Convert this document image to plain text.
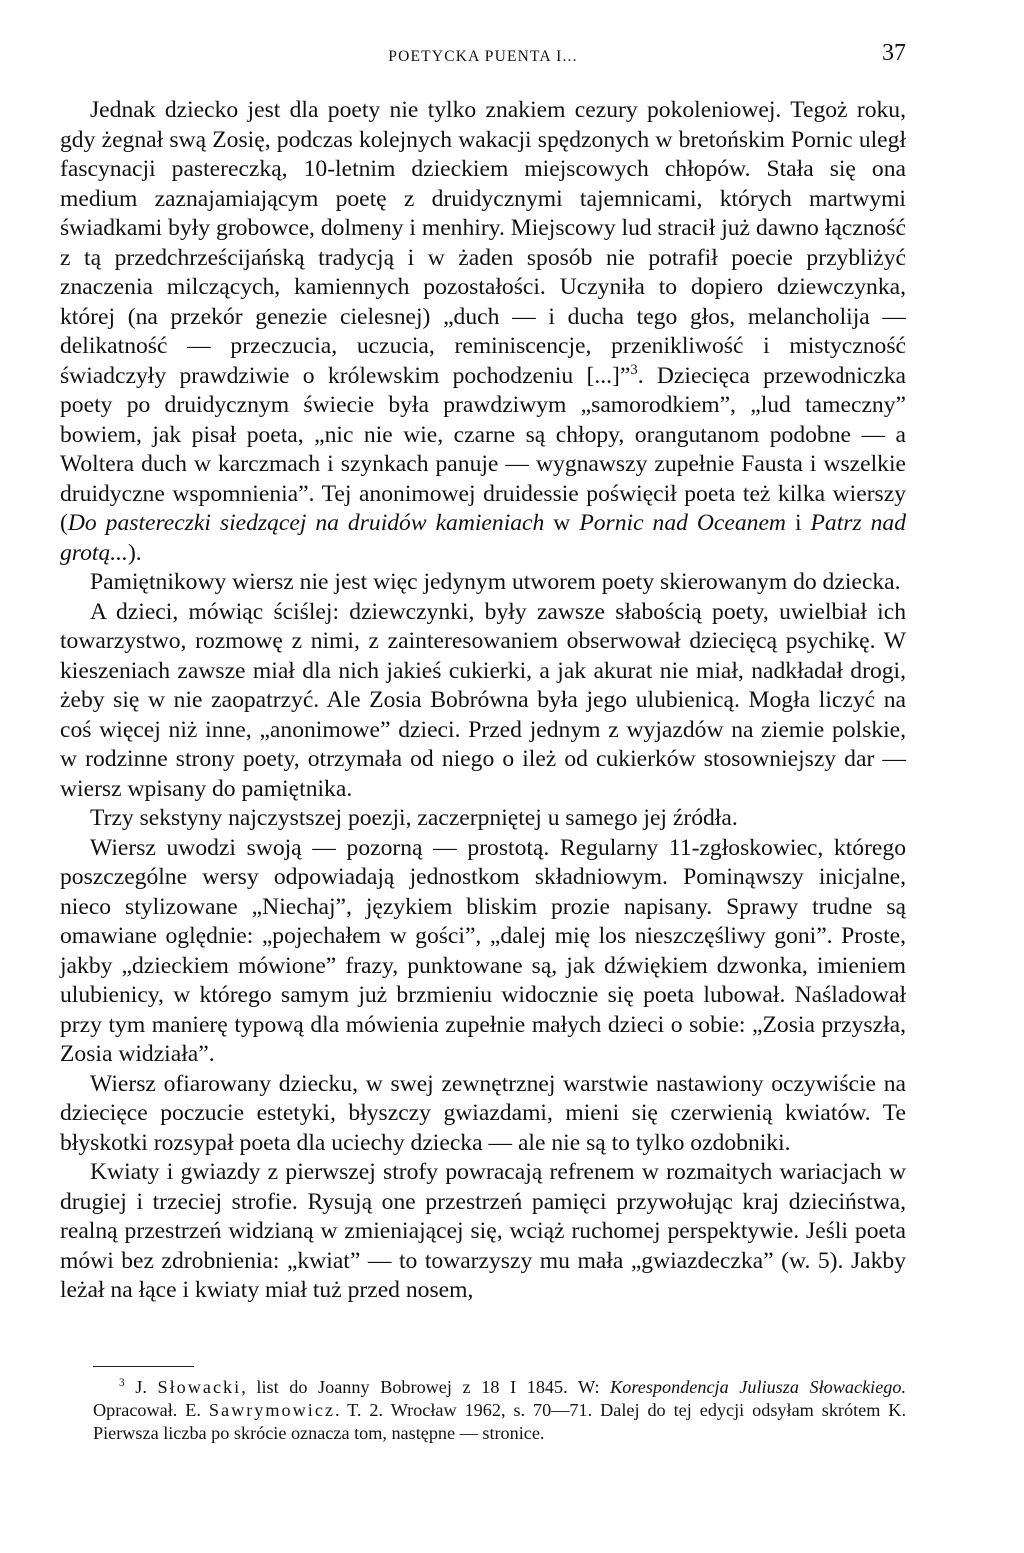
POETYCKA PUENTA I...	37

Jednak dziecko jest dla poety nie tylko znakiem cezury pokoleniowej. Tegoż roku, gdy żegnał swą Zosię, podczas kolejnych wakacji spędzonych w bretońskim Pornic uległ fascynacji pastereczką, 10-letnim dzieckiem miejscowych chłopów. Stała się ona medium zaznajamiającym poetę z druidycznymi tajemnicami, których martwymi świadkami były grobowce, dolmeny i menhiry. Miejscowy lud stracił już dawno łączność z tą przedchrześcijańską tradycją i w żaden sposób nie potrafił poecie przybliżyć znaczenia milczących, kamiennych pozostałości. Uczyniła to dopiero dziewczynka, której (na przekór genezie cielesnej) „duch — i ducha tego głos, melancholija — delikatność — przeczucia, uczucia, reminiscencje, przenikliwość i mistyczność świadczyły prawdziwie o królewskim pochodzeniu [...]”$^3$. Dziecięca przewodniczka poety po druidycznym świecie była prawdziwym „samorodkiem”, „lud tameczny” bowiem, jak pisał poeta, „nic nie wie, czarne są chłopy, orangutanom podobne — a Woltera duch w karczmach i szynkach panuje — wygnawszy zupełnie Fausta i wszelkie druidyczne wspomnienia”. Tej anonimowej druidessie poświęcił poeta też kilka wierszy (Do pastereczki siedzącej na druidów kamieniach w Pornic nad Oceanem i Patrz nad grotą...).

Pamiętnikowy wiersz nie jest więc jedynym utworem poety skierowanym do dziecka.

A dzieci, mówiąc ściślej: dziewczynki, były zawsze słabością poety, uwielbiał ich towarzystwo, rozmowę z nimi, z zainteresowaniem obserwował dziecięcą psychikę. W kieszeniach zawsze miał dla nich jakieś cukierki, a jak akurat nie miał, nadkładał drogi, żeby się w nie zaopatrzyć. Ale Zosia Bobrówna była jego ulubienicą. Mogła liczyć na coś więcej niż inne, „anonimowe” dzieci. Przed jednym z wyjazdów na ziemie polskie, w rodzinne strony poety, otrzymała od niego o ileż od cukierków stosowniejszy dar — wiersz wpisany do pamiętnika.

Trzy sekstyny najczystszej poezji, zaczerpniętej u samego jej źródła.

Wiersz uwodzi swoją — pozorną — prostotą. Regularny 11-zgłoskowiec, którego poszczególne wersy odpowiadają jednostkom składniowym. Pominąwszy inicjalne, nieco stylizowane „Niechaj”, językiem bliskim prozie napisany. Sprawy trudne są omawiane oględnie: „pojechałem w gości”, „dalej mię los nieszczęśliwy goni”. Proste, jakby „dzieckiem mówione” frazy, punktowane są, jak dźwiękiem dzwonka, imieniem ulubienicy, w którego samym już brzmieniu widocznie się poeta lubował. Naśladował przy tym manierę typową dla mówienia zupełnie małych dzieci o sobie: „Zosia przyszła, Zosia widziała”.

Wiersz ofiarowany dziecku, w swej zewnętrznej warstwie nastawiony oczywiście na dziecięce poczucie estetyki, błyszczy gwiazdami, mieni się czerwienią kwiatów. Te błyskotki rozsypał poeta dla uciechy dziecka — ale nie są to tylko ozdobniki.

Kwiaty i gwiazdy z pierwszej strofy powracają refrenem w rozmaitych wariacjach w drugiej i trzeciej strofie. Rysują one przestrzeń pamięci przywołując kraj dzieciństwa, realną przestrzeń widzianą w zmieniającej się, wciąż ruchomej perspektywie. Jeśli poeta mówi bez zdrobnienia: „kwiat” — to towarzyszy mu mała „gwiazdeczka” (w. 5). Jakby leżał na łące i kwiaty miał tuż przed nosem,

$^3$ J. Słowacki, list do Joanny Bobrowej z 18 I 1845. W: Korespondencja Juliusza Słowackiego. Opracował. E. Sawrymowicz. T. 2. Wrocław 1962, s. 70—71. Dalej do tej edycji odsyłam skrótem K. Pierwsza liczba po skrócie oznacza tom, następne — stronice.
